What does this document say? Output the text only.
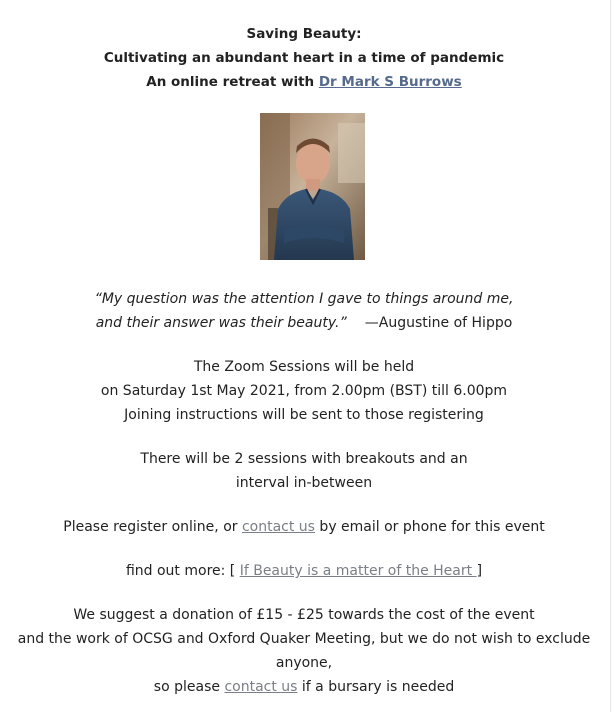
Saving Beauty:
Cultivating an abundant heart in a time of pandemic
An online retreat with Dr Mark S Burrows
“My question was the attention I gave to things around me,
and their answer was their beauty.” —Augustine of Hippo
The Zoom Sessions will be held
on Saturday 1st May 2021, from 2.00pm (BST) till 6.00pm
Joining instructions will be sent to those registering
There will be 2 sessions with breakouts and an
interval in-between
Please register online, or contact us by email or phone for this event
find out more: [ If Beauty is a matter of the Heart ]
We suggest a donation of £15 - £25 towards the cost of the event
and the work of OCSG and Oxford Quaker Meeting, but we do not wish to exclude
anyone,
so please contact us if a bursary is needed
